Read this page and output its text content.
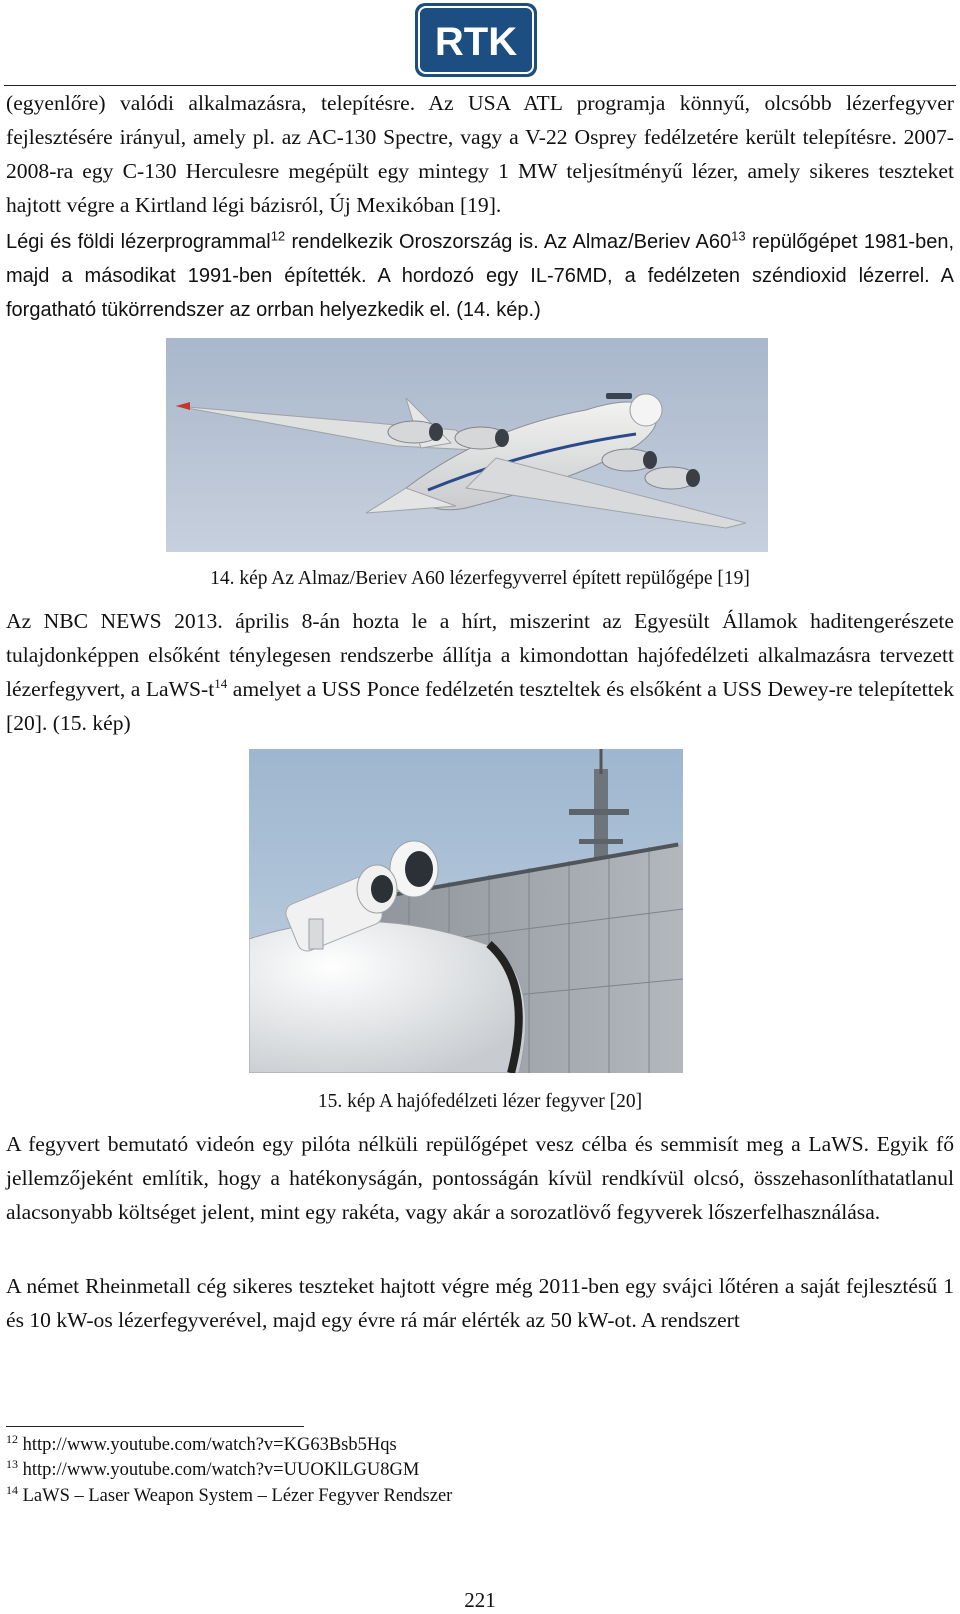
RTK

(egyenlőre) valódi alkalmazásra, telepítésre. Az USA ATL programja könnyű, olcsóbb lézerfegyver fejlesztésére irányul, amely pl. az AC-130 Spectre, vagy a V-22 Osprey fedélzetére került telepítésre. 2007-2008-ra egy C-130 Herculesre megépült egy mintegy 1 MW teljesítményű lézer, amely sikeres teszteket hajtott végre a Kirtland légi bázisról, Új Mexikóban [19].

Légi és földi lézerprogrammal$^{12}$ rendelkezik Oroszország is. Az Almaz/Beriev $A60^{13}$ repülőgépet 1981-ben, majd a másodikat 1991-ben építették. A hordozó egy IL-76MD, a fedélzeten széndioxid lézerrel. A forgatható tükörrendszer az orrban helyezkedik el. (14. kép.)

14. kép Az Almaz/Beriev A60 lézerfegyverrel épített repülőgépe [19]

Az NBC NEWS 2013. április 8-án hozta le a hírt, miszerint az Egyesült Államok haditengerészete tulajdonképpen elsőként ténylegesen rendszerbe állítja a kimondottan hajófedélzeti alkalmazásra tervezett lézerfegyvert, a LaWS-$t^{14}$ amelyet a USS Ponce fedélzetén teszteltek és elsőként a USS Dewey-re telepítettek [20]. (15. kép)

15. kép A hajófedélzeti lézer fegyver [20]

A fegyvert bemutató videón egy pilóta nélküli repülőgépet vesz célba és semmisít meg a LaWS. Egyik fő jellemzőjeként említik, hogy a hatékonyságán, pontosságán kívül rendkívül olcsó, összehasonlíthatatlanul alacsonyabb költséget jelent, mint egy rakéta, vagy akár a sorozatlövő fegyverek lőszerfelhasználása.

A német Rheinmetall cég sikeres teszteket hajtott végre még 2011-ben egy svájci lőtéren a saját fejlesztésű 1 és 10 kW-os lézerfegyverével, majd egy évre rá már elérték az 50 kW-ot. A rendszert

$^{12}$ http://www.youtube.com/watch?v=KG63Bsb5Hqs

$^{13}$ http://www.youtube.com/watch?v=UUOKlLGU8GM

$^{14}$ LaWS – Laser Weapon System – Lézer Fegyver Rendszer

221
